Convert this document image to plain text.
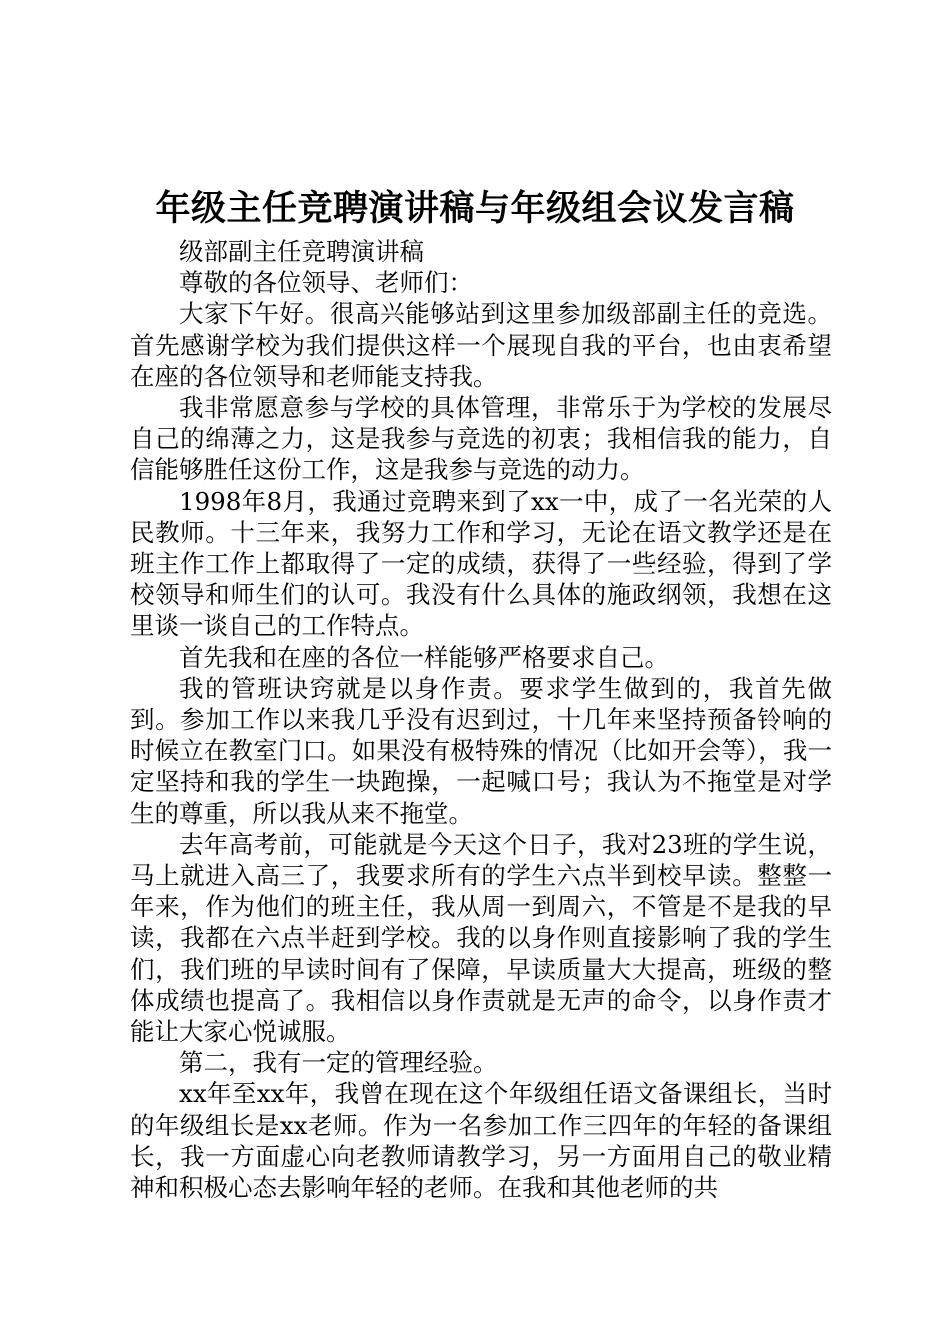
年级主任竞聘演讲稿与年级组会议发言稿

级部副主任竞聘演讲稿

尊敬的各位领导、老师们：

大家下午好。很高兴能够站到这里参加级部副主任的竞选。首先感谢学校为我们提供这样一个展现自我的平台，也由衷希望在座的各位领导和老师能支持我。

我非常愿意参与学校的具体管理，非常乐于为学校的发展尽自己的绵薄之力，这是我参与竞选的初衷；我相信我的能力，自信能够胜任这份工作，这是我参与竞选的动力。

1998年8月，我通过竞聘来到了xx一中，成了一名光荣的人民教师。十三年来，我努力工作和学习，无论在语文教学还是在班主作工作上都取得了一定的成绩，获得了一些经验，得到了学校领导和师生们的认可。我没有什么具体的施政纲领，我想在这里谈一谈自己的工作特点。

首先我和在座的各位一样能够严格要求自己。

我的管班诀窍就是以身作责。要求学生做到的，我首先做到。参加工作以来我几乎没有迟到过，十几年来坚持预备铃响的时候立在教室门口。如果没有极特殊的情况（比如开会等），我一定坚持和我的学生一块跑操，一起喊口号；我认为不拖堂是对学生的尊重，所以我从来不拖堂。

去年高考前，可能就是今天这个日子，我对23班的学生说，马上就进入高三了，我要求所有的学生六点半到校早读。整整一年来，作为他们的班主任，我从周一到周六，不管是不是我的早读，我都在六点半赶到学校。我的以身作则直接影响了我的学生们，我们班的早读时间有了保障，早读质量大大提高，班级的整体成绩也提高了。我相信以身作责就是无声的命令，以身作责才能让大家心悦诚服。

第二，我有一定的管理经验。

xx年至xx年，我曾在现在这个年级组任语文备课组长，当时的年级组长是xx老师。作为一名参加工作三四年的年轻的备课组长，我一方面虚心向老教师请教学习，另一方面用自己的敬业精神和积极心态去影响年轻的老师。在我和其他老师的共
